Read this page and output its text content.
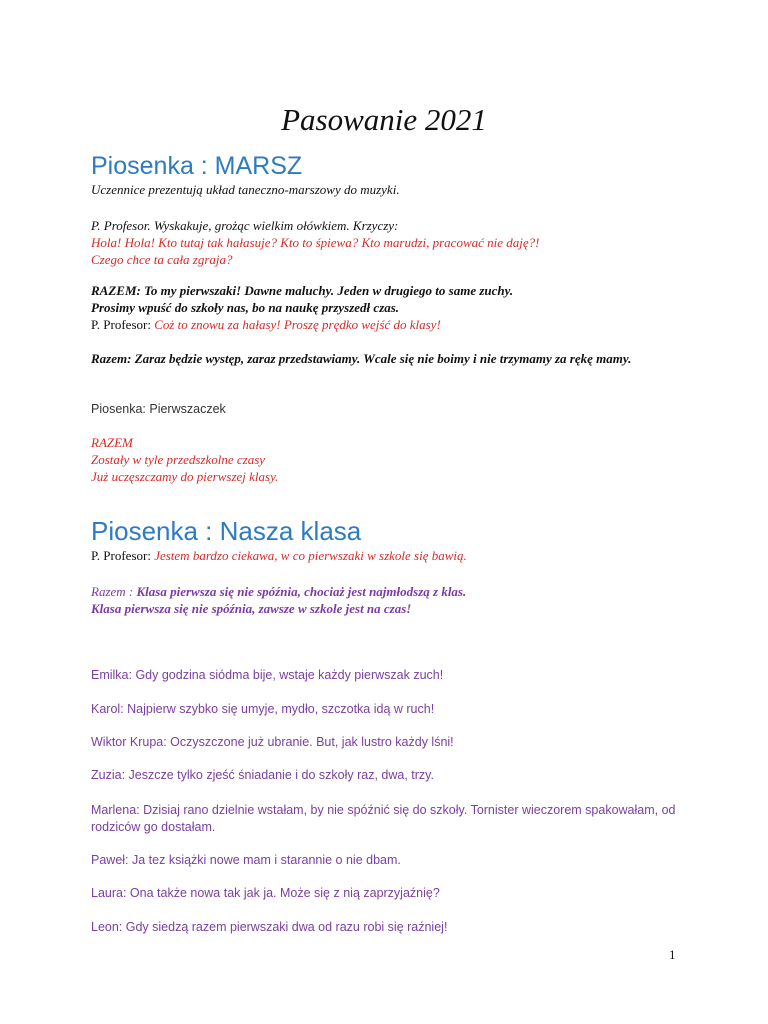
Pasowanie 2021
Piosenka : MARSZ
Uczennice prezentują układ taneczno-marszowy do muzyki.
P. Profesor. Wyskakuje, grożąc wielkim ołówkiem. Krzyczy:
Hola! Hola! Kto tutaj tak hałasuje? Kto to śpiewa? Kto marudzi, pracować nie daję?!
Czego chce ta cała zgraja?
RAZEM: To my pierwszaki! Dawne maluchy. Jeden w drugiego to same zuchy.
Prosimy wpuść do szkoły nas, bo na naukę przyszedł czas.
P. Profesor: Coż to znowu za hałasy! Proszę prędko wejść do klasy!
Razem: Zaraz będzie występ, zaraz przedstawiamy. Wcale się nie boimy i nie trzymamy za rękę mamy.
Piosenka: Pierwszaczek
RAZEM
Zostały w tyle przedszkolne czasy
Już uczęszczamy do pierwszej klasy.
Piosenka : Nasza klasa
P. Profesor: Jestem bardzo ciekawa, w co pierwszaki w szkole się bawią.
Razem : Klasa pierwsza się nie spóźnia, chociaż jest najmłodszą z klas.
Klasa pierwsza się nie spóźnia, zawsze w szkole jest na czas!
Emilka: Gdy godzina siódma bije, wstaje każdy pierwszak zuch!
Karol: Najpierw szybko się umyje, mydło, szczotka idą w ruch!
Wiktor Krupa: Oczyszczone już ubranie. But, jak lustro każdy lśni!
Zuzia: Jeszcze tylko zjeść śniadanie i do szkoły raz, dwa, trzy.
Marlena: Dzisiaj rano dzielnie wstałam, by nie spóźnić się do szkoły. Tornister wieczorem spakowałam, od rodziców go dostałam.
Paweł: Ja tez książki nowe mam i starannie o nie dbam.
Laura: Ona także nowa tak jak ja. Może się z nią zaprzyjaźnię?
Leon: Gdy siedzą razem pierwszaki dwa od razu robi się raźniej!
1
